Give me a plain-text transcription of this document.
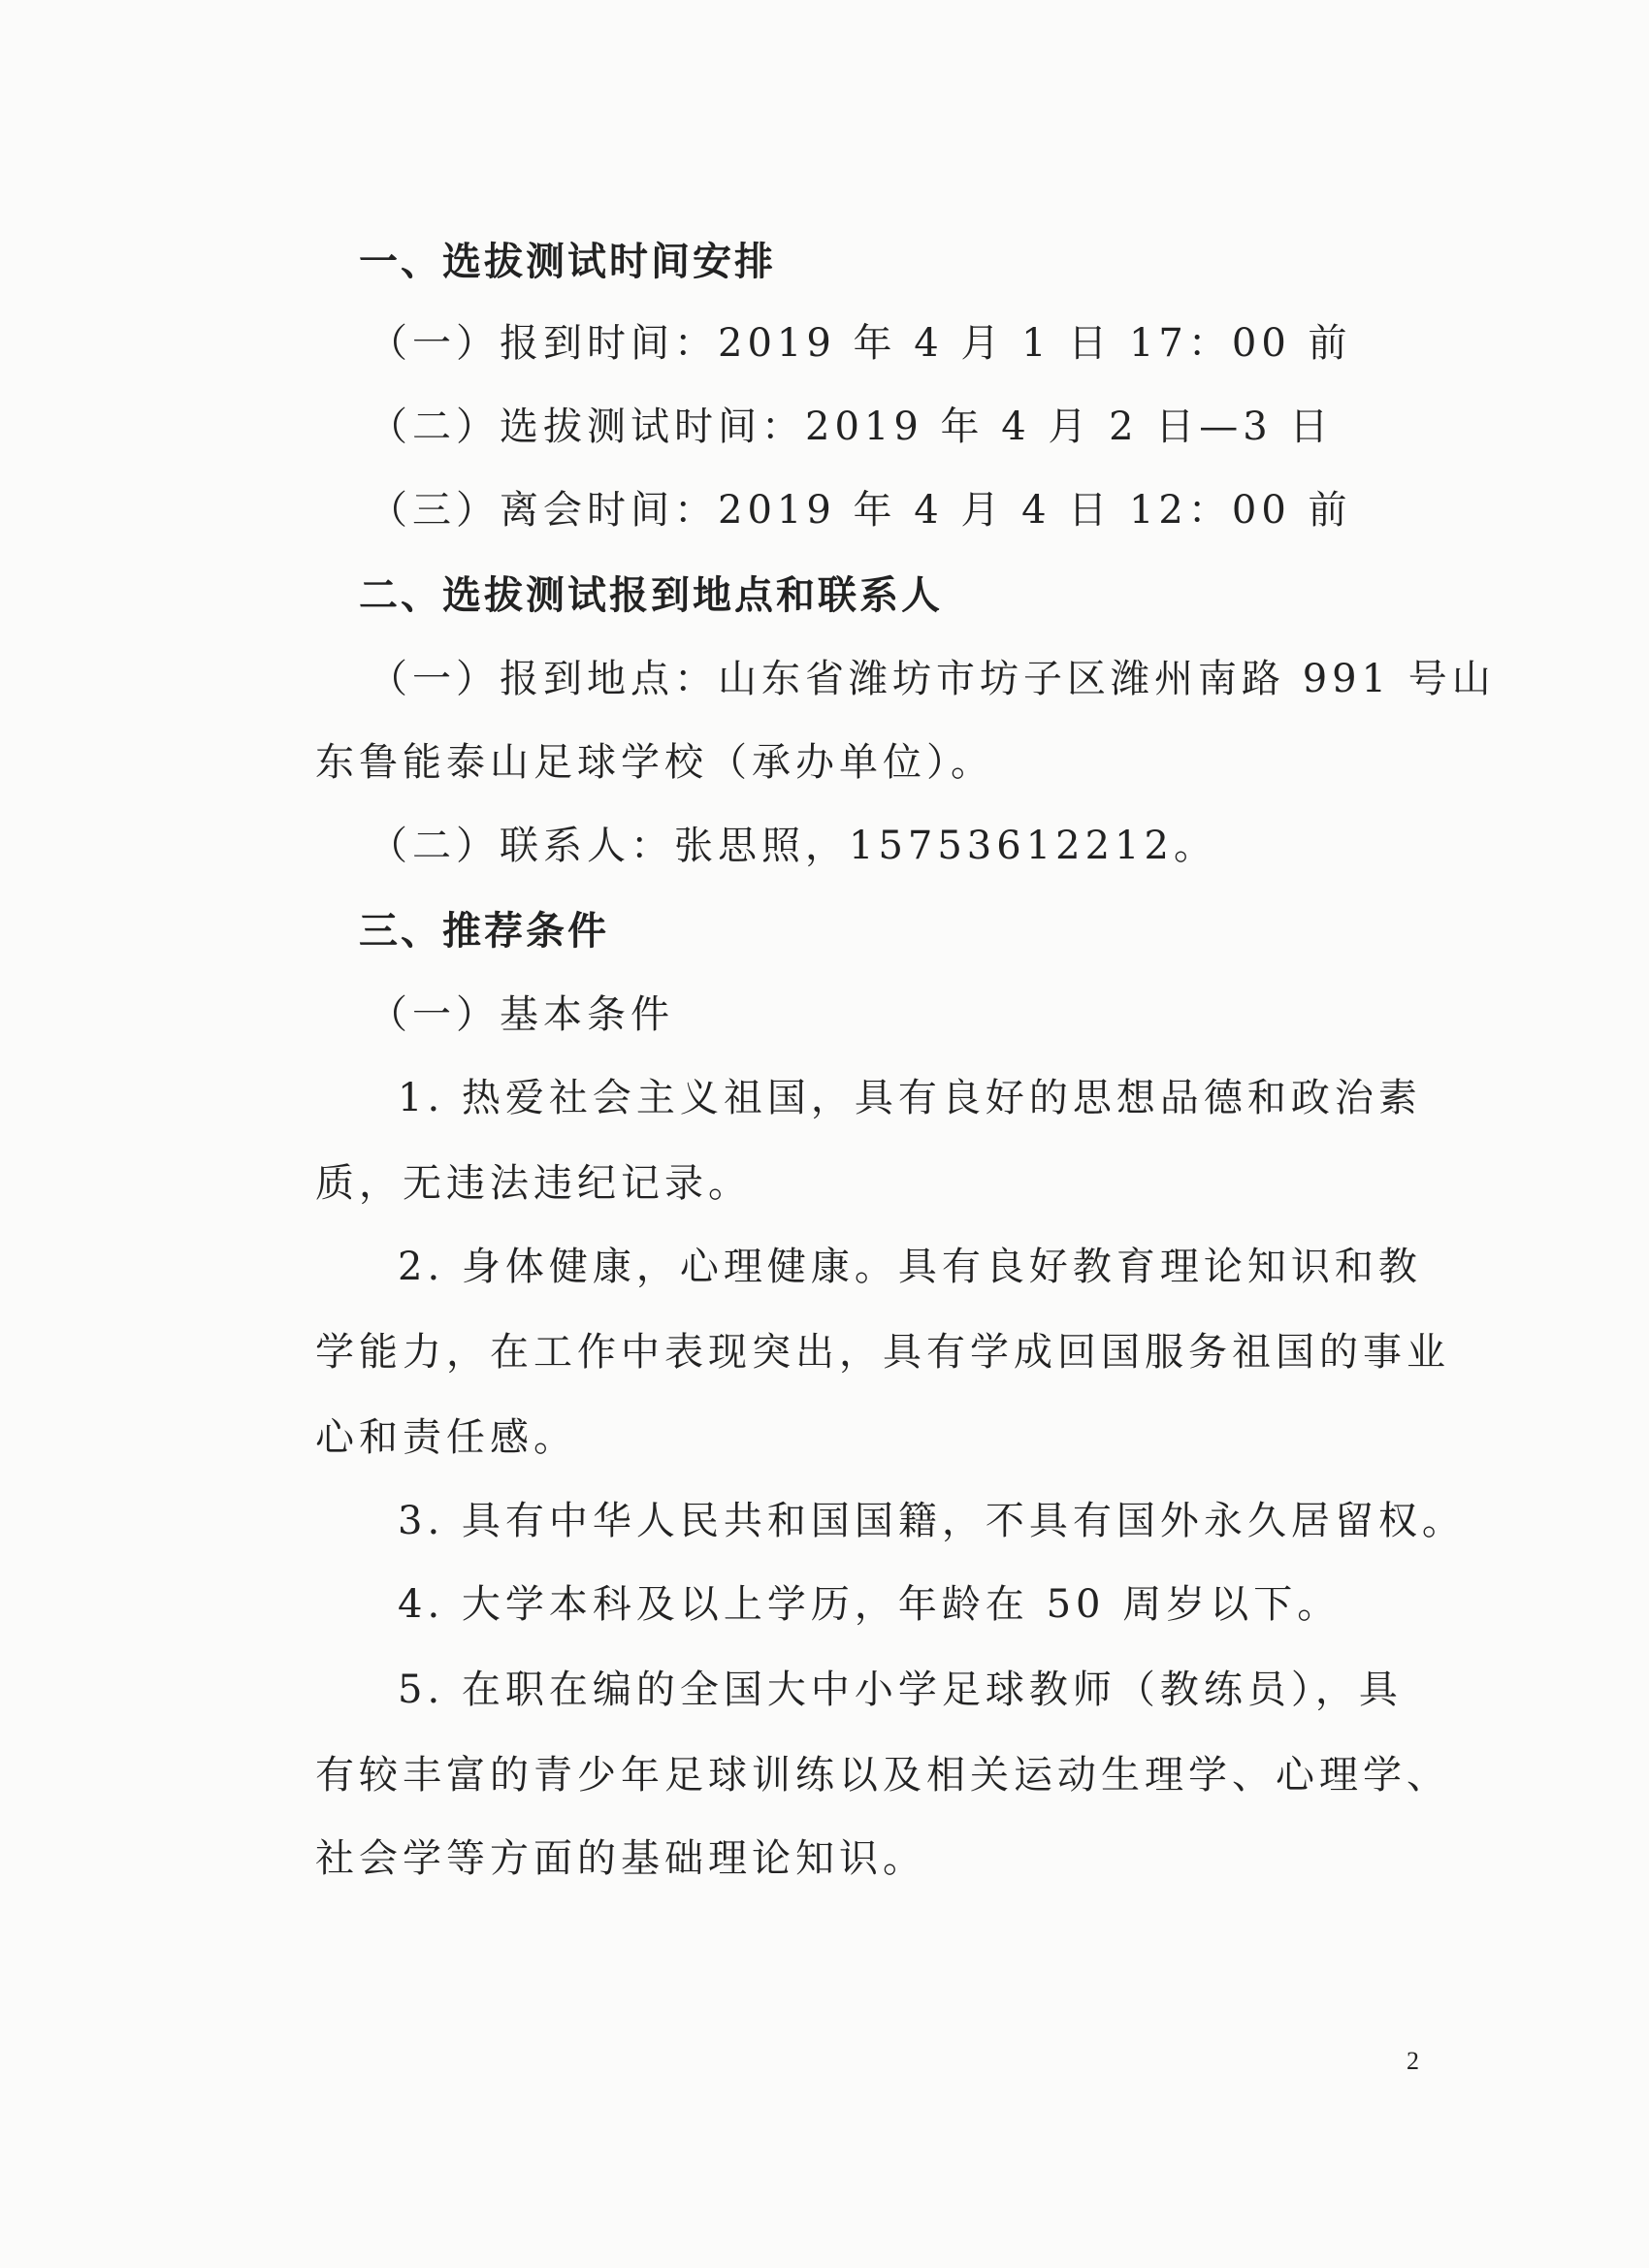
一、选拔测试时间安排
（一）报到时间：2019 年 4 月 1 日 17：00 前
（二）选拔测试时间：2019 年 4 月 2 日—3 日
（三）离会时间：2019 年 4 月 4 日 12：00 前
二、选拔测试报到地点和联系人
（一）报到地点：山东省潍坊市坊子区潍州南路 991 号山
东鲁能泰山足球学校（承办单位）。
（二）联系人：张思照，15753612212。
三、推荐条件
（一）基本条件
1. 热爱社会主义祖国，具有良好的思想品德和政治素
质，无违法违纪记录。
2. 身体健康，心理健康。具有良好教育理论知识和教
学能力，在工作中表现突出，具有学成回国服务祖国的事业
心和责任感。
3. 具有中华人民共和国国籍，不具有国外永久居留权。
4. 大学本科及以上学历，年龄在 50 周岁以下。
5. 在职在编的全国大中小学足球教师（教练员），具
有较丰富的青少年足球训练以及相关运动生理学、心理学、
社会学等方面的基础理论知识。
2
